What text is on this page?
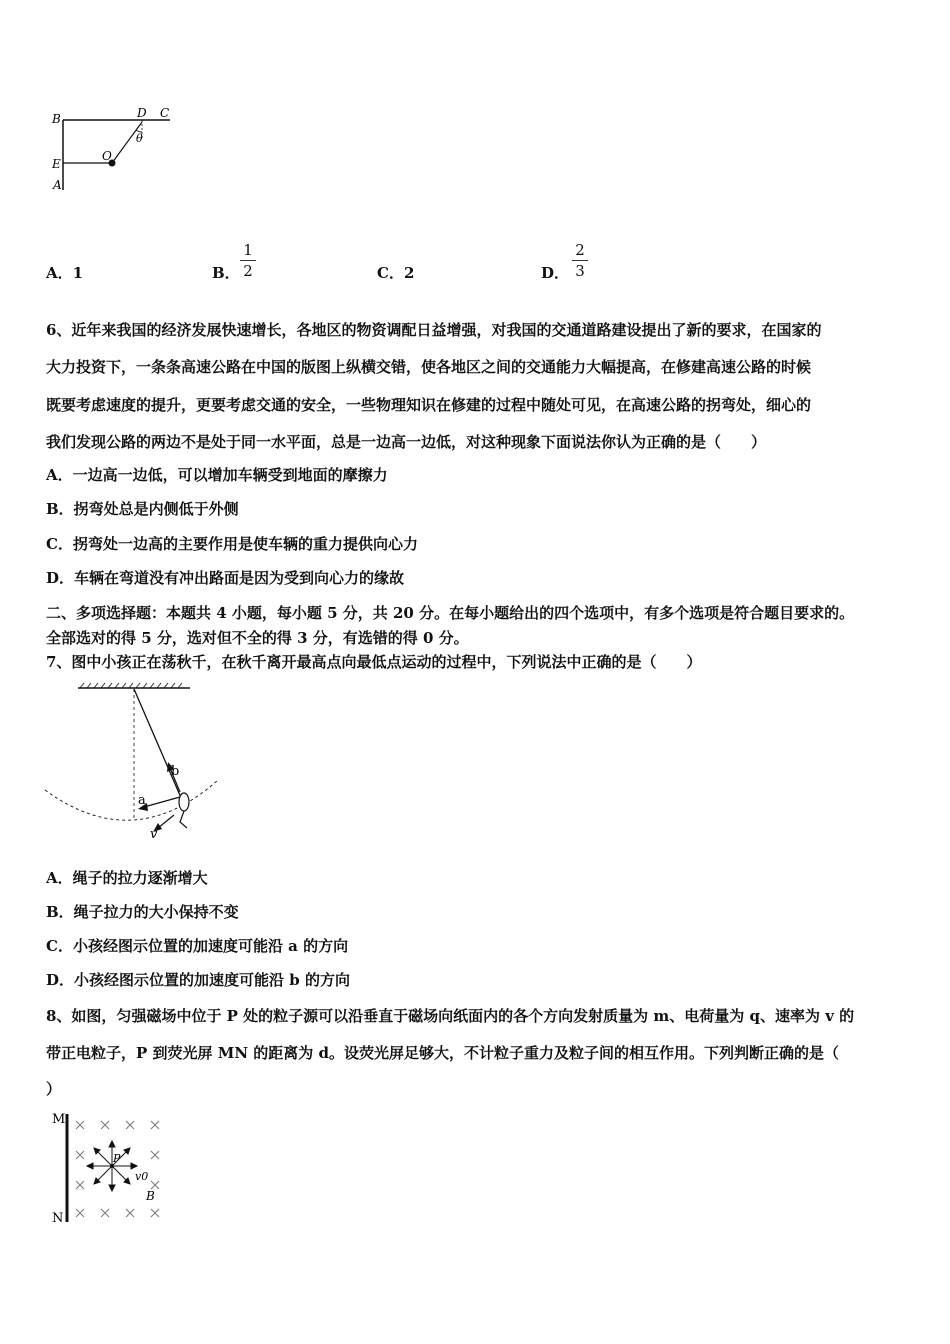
B	D C
θ
E
O
A
A．1	B． $\frac{1}{2}$	C．2	D． $\frac{2}{3}$
6、近年来我国的经济发展快速增长，各地区的物资调配日益增强，对我国的交通道路建设提出了新的要求，在国家的
大力投资下，一条条高速公路在中国的版图上纵横交错，使各地区之间的交通能力大幅提高，在修建高速公路的时候
既要考虑速度的提升，更要考虑交通的安全，一些物理知识在修建的过程中随处可见，在高速公路的拐弯处，细心的
我们发现公路的两边不是处于同一水平面，总是一边高一边低，对这种现象下面说法你认为正确的是（　　）
A．一边高一边低，可以增加车辆受到地面的摩擦力
B．拐弯处总是内侧低于外侧
C．拐弯处一边高的主要作用是使车辆的重力提供向心力
D．车辆在弯道没有冲出路面是因为受到向心力的缘故
二、多项选择题：本题共 4 小题，每小题 5 分，共 20 分。在每小题给出的四个选项中，有多个选项是符合题目要求的。
全部选对的得 5 分，选对但不全的得 3 分，有选错的得 0 分。
7、图中小孩正在荡秋千，在秋千离开最高点向最低点运动的过程中，下列说法中正确的是（　　）
b
a
v
A．绳子的拉力逐渐增大
B．绳子拉力的大小保持不变
C．小孩经图示位置的加速度可能沿 a 的方向
D．小孩经图示位置的加速度可能沿 b 的方向
8、如图，匀强磁场中位于 P 处的粒子源可以沿垂直于磁场向纸面内的各个方向发射质量为 m、电荷量为 q、速率为 v 的
带正电粒子，P 到荧光屏 MN 的距离为 d。设荧光屏足够大，不计粒子重力及粒子间的相互作用。下列判断正确的是（
）
M
N
P
v0
B
